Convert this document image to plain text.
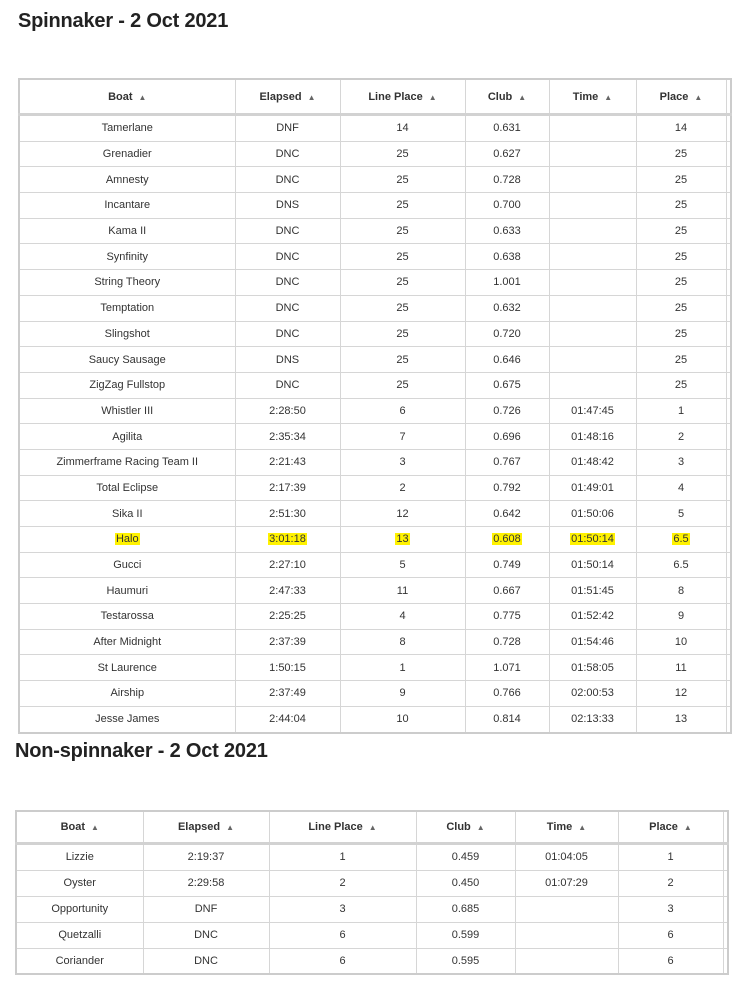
Spinnaker - 2 Oct 2021
Boat ▲	Elapsed ▲	Line Place ▲	Club ▲	Time ▲	Place ▲	
Tamerlane	DNF	14	0.631		14	
Grenadier	DNC	25	0.627		25	
Amnesty	DNC	25	0.728		25	
Incantare	DNS	25	0.700		25	
Kama II	DNC	25	0.633		25	
Synfinity	DNC	25	0.638		25	
String Theory	DNC	25	1.001		25	
Temptation	DNC	25	0.632		25	
Slingshot	DNC	25	0.720		25	
Saucy Sausage	DNS	25	0.646		25	
ZigZag Fullstop	DNC	25	0.675		25	
Whistler III	2:28:50	6	0.726	01:47:45	1	
Agilita	2:35:34	7	0.696	01:48:16	2	
Zimmerframe Racing Team II	2:21:43	3	0.767	01:48:42	3	
Total Eclipse	2:17:39	2	0.792	01:49:01	4	
Sika II	2:51:30	12	0.642	01:50:06	5	
Halo	3:01:18	13	0.608	01:50:14	6.5	
Gucci	2:27:10	5	0.749	01:50:14	6.5	
Haumuri	2:47:33	11	0.667	01:51:45	8	
Testarossa	2:25:25	4	0.775	01:52:42	9	
After Midnight	2:37:39	8	0.728	01:54:46	10	
St Laurence	1:50:15	1	1.071	01:58:05	11	
Airship	2:37:49	9	0.766	02:00:53	12	
Jesse James	2:44:04	10	0.814	02:13:33	13	
Non-spinnaker - 2 Oct 2021
Boat ▲	Elapsed ▲	Line Place ▲	Club ▲	Time ▲	Place ▲	
Lizzie	2:19:37	1	0.459	01:04:05	1	
Oyster	2:29:58	2	0.450	01:07:29	2	
Opportunity	DNF	3	0.685		3	
Quetzalli	DNC	6	0.599		6	
Coriander	DNC	6	0.595		6	
